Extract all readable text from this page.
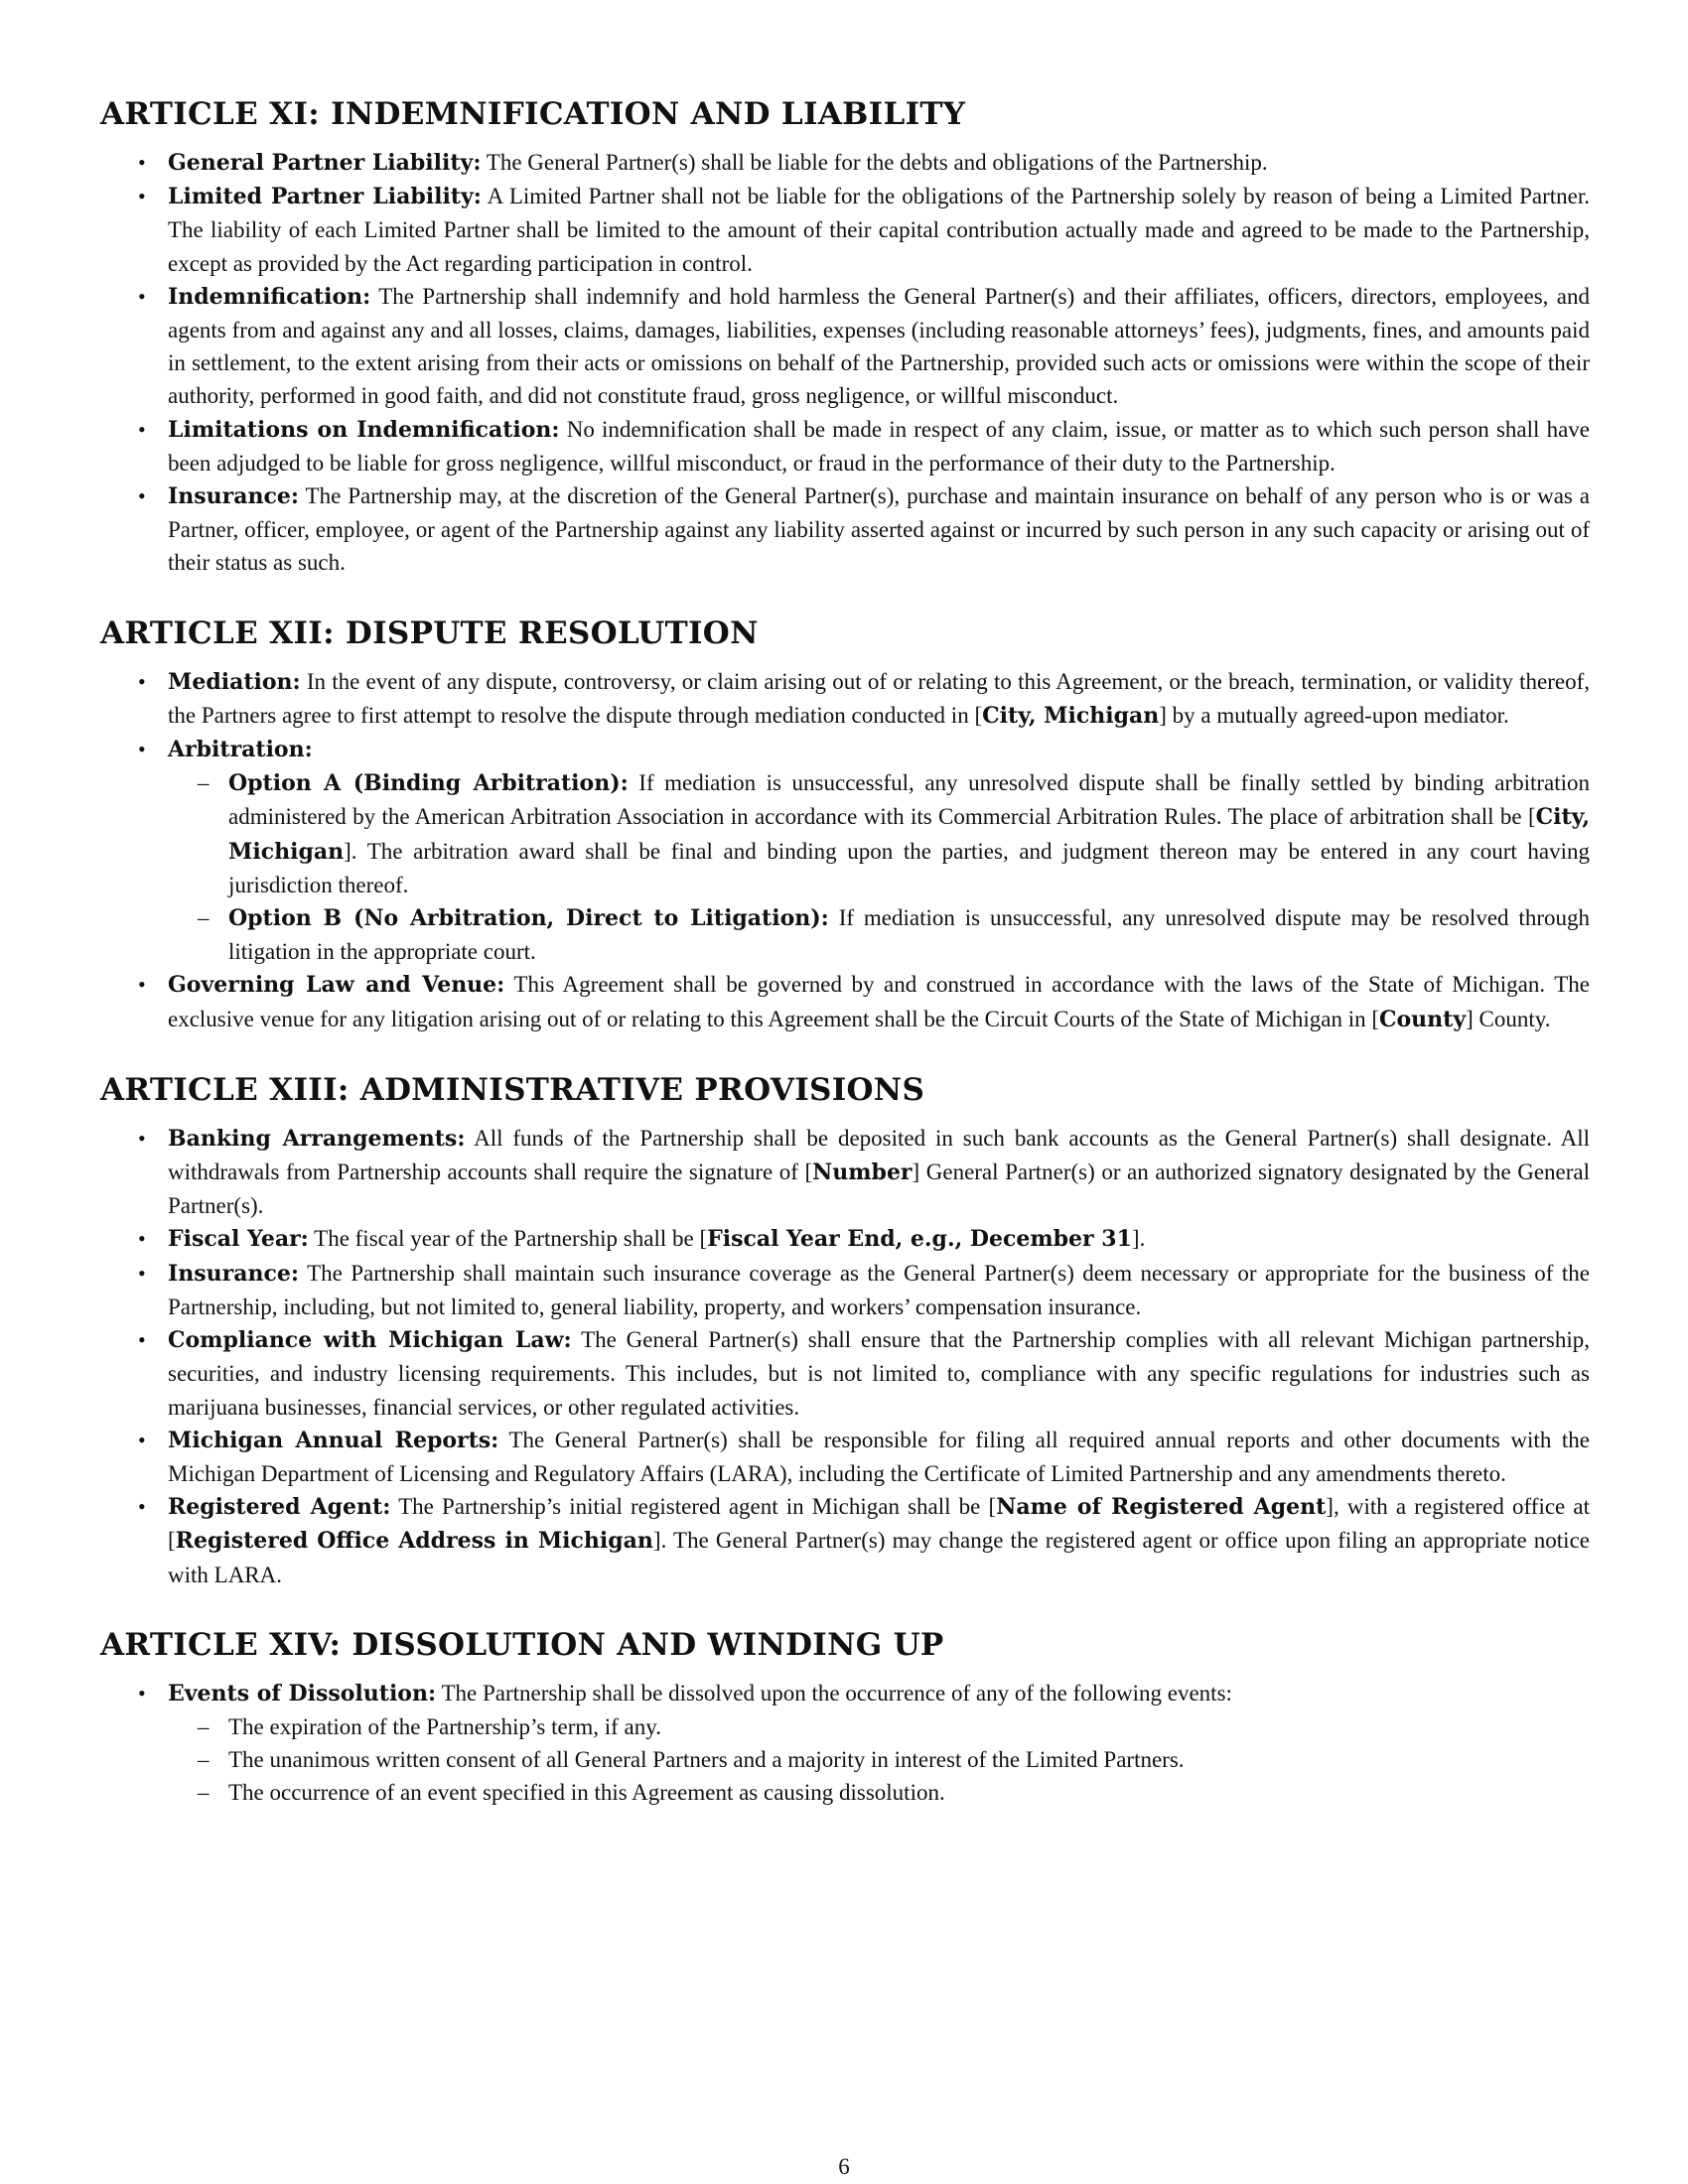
ARTICLE XI: INDEMNIFICATION AND LIABILITY
• General Partner Liability: The General Partner(s) shall be liable for the debts and obligations of the Partnership.
• Limited Partner Liability: A Limited Partner shall not be liable for the obligations of the Partnership solely by reason of being a Limited Partner. The liability of each Limited Partner shall be limited to the amount of their capital contribution actually made and agreed to be made to the Partnership, except as provided by the Act regarding participation in control.
• Indemnification: The Partnership shall indemnify and hold harmless the General Partner(s) and their affiliates, officers, directors, employees, and agents from and against any and all losses, claims, damages, liabilities, expenses (including reasonable attorneys’ fees), judgments, fines, and amounts paid in settlement, to the extent arising from their acts or omissions on behalf of the Partnership, provided such acts or omissions were within the scope of their authority, performed in good faith, and did not constitute fraud, gross negligence, or willful misconduct.
• Limitations on Indemnification: No indemnification shall be made in respect of any claim, issue, or matter as to which such person shall have been adjudged to be liable for gross negligence, willful misconduct, or fraud in the performance of their duty to the Partnership.
• Insurance: The Partnership may, at the discretion of the General Partner(s), purchase and maintain insurance on behalf of any person who is or was a Partner, officer, employee, or agent of the Partnership against any liability asserted against or incurred by such person in any such capacity or arising out of their status as such.
ARTICLE XII: DISPUTE RESOLUTION
• Mediation: In the event of any dispute, controversy, or claim arising out of or relating to this Agreement, or the breach, termination, or validity thereof, the Partners agree to first attempt to resolve the dispute through mediation conducted in [City, Michigan] by a mutually agreed-upon mediator.
• Arbitration:
– Option A (Binding Arbitration): If mediation is unsuccessful, any unresolved dispute shall be finally settled by binding arbitration administered by the American Arbitration Association in accordance with its Commercial Arbitration Rules. The place of arbitration shall be [City, Michigan]. The arbitration award shall be final and binding upon the parties, and judgment thereon may be entered in any court having jurisdiction thereof.
– Option B (No Arbitration, Direct to Litigation): If mediation is unsuccessful, any unresolved dispute may be resolved through litigation in the appropriate court.
• Governing Law and Venue: This Agreement shall be governed by and construed in accordance with the laws of the State of Michigan. The exclusive venue for any litigation arising out of or relating to this Agreement shall be the Circuit Courts of the State of Michigan in [County] County.
ARTICLE XIII: ADMINISTRATIVE PROVISIONS
• Banking Arrangements: All funds of the Partnership shall be deposited in such bank accounts as the General Partner(s) shall designate. All withdrawals from Partnership accounts shall require the signature of [Number] General Partner(s) or an authorized signatory designated by the General Partner(s).
• Fiscal Year: The fiscal year of the Partnership shall be [Fiscal Year End, e.g., December 31].
• Insurance: The Partnership shall maintain such insurance coverage as the General Partner(s) deem necessary or appropriate for the business of the Partnership, including, but not limited to, general liability, property, and workers’ compensation insurance.
• Compliance with Michigan Law: The General Partner(s) shall ensure that the Partnership complies with all relevant Michigan partnership, securities, and industry licensing requirements. This includes, but is not limited to, compliance with any specific regulations for industries such as marijuana businesses, financial services, or other regulated activities.
• Michigan Annual Reports: The General Partner(s) shall be responsible for filing all required annual reports and other documents with the Michigan Department of Licensing and Regulatory Affairs (LARA), including the Certificate of Limited Partnership and any amendments thereto.
• Registered Agent: The Partnership’s initial registered agent in Michigan shall be [Name of Registered Agent], with a registered office at [Registered Office Address in Michigan]. The General Partner(s) may change the registered agent or office upon filing an appropriate notice with LARA.
ARTICLE XIV: DISSOLUTION AND WINDING UP
• Events of Dissolution: The Partnership shall be dissolved upon the occurrence of any of the following events:
– The expiration of the Partnership’s term, if any.
– The unanimous written consent of all General Partners and a majority in interest of the Limited Partners.
– The occurrence of an event specified in this Agreement as causing dissolution.
6
